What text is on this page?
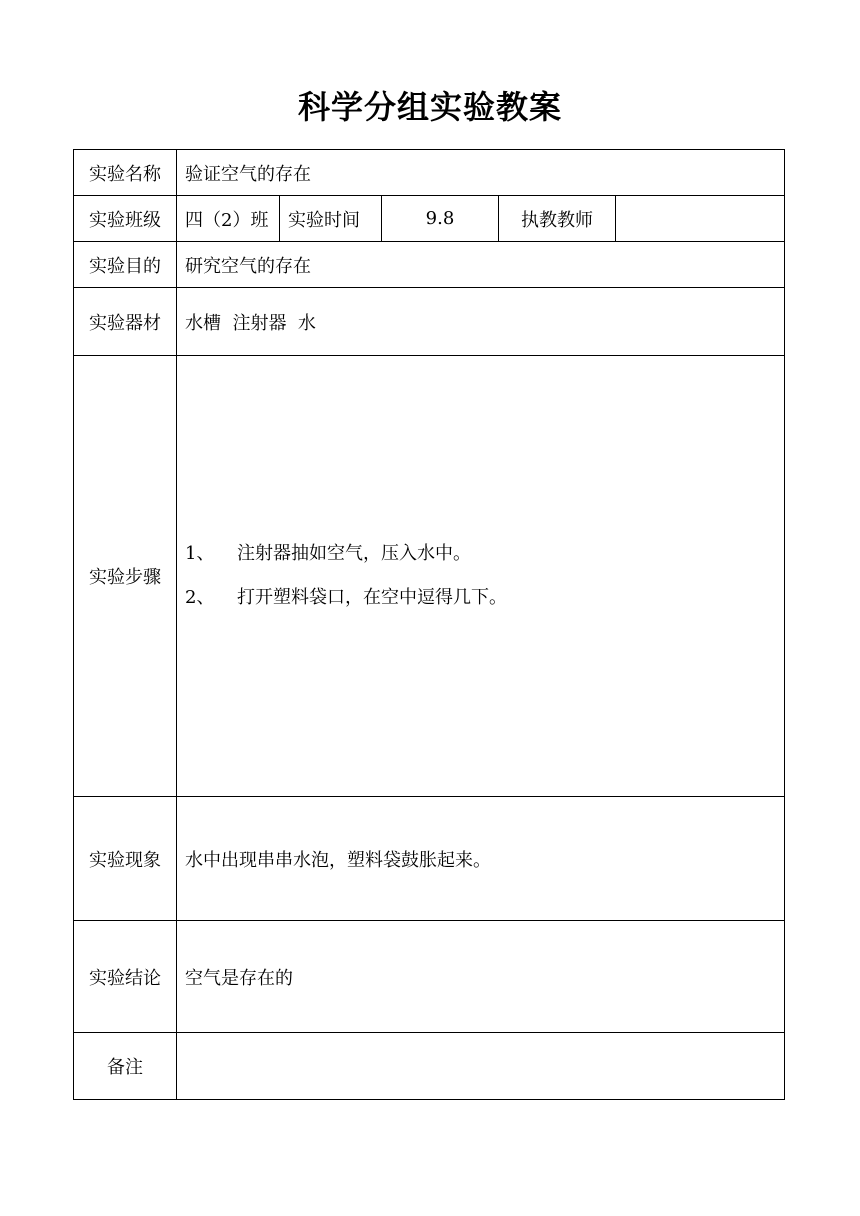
科学分组实验教案
实验名称	验证空气的存在				
实验班级	四（2）班	实验时间	9.8	执教教师	
实验目的	研究空气的存在				
实验器材	水槽  注射器  水				
实验步骤	1、 注射器抽如空气，压入水中。
2、 打开塑料袋口，在空中逗得几下。				

实验现象	水中出现串串水泡，塑料袋鼓胀起来。				
实验结论	空气是存在的				
备注					
